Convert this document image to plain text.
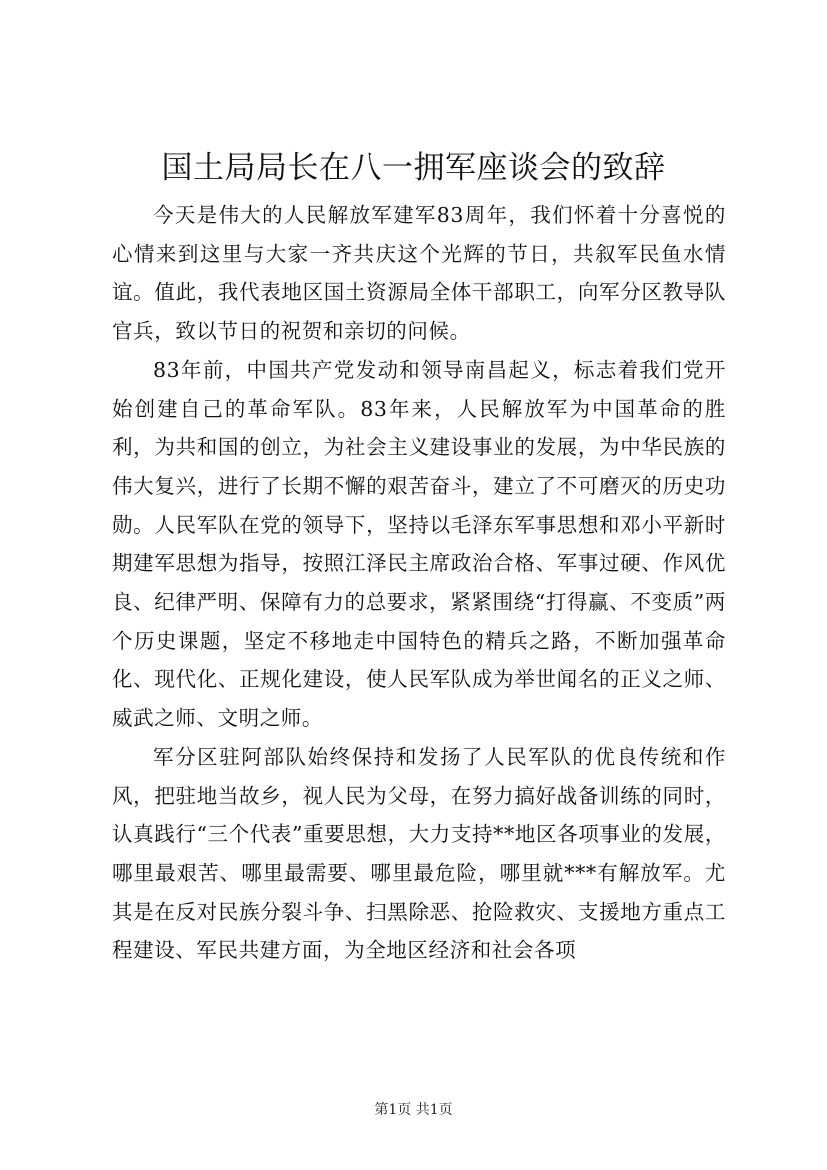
国土局局长在八一拥军座谈会的致辞

今天是伟大的人民解放军建军83周年，我们怀着十分喜悦的心情来到这里与大家一齐共庆这个光辉的节日，共叙军民鱼水情谊。值此，我代表地区国土资源局全体干部职工，向军分区教导队官兵，致以节日的祝贺和亲切的问候。

83年前，中国共产党发动和领导南昌起义，标志着我们党开始创建自己的革命军队。83年来，人民解放军为中国革命的胜利，为共和国的创立，为社会主义建设事业的发展，为中华民族的伟大复兴，进行了长期不懈的艰苦奋斗，建立了不可磨灭的历史功勋。人民军队在党的领导下，坚持以毛泽东军事思想和邓小平新时期建军思想为指导，按照江泽民主席政治合格、军事过硬、作风优良、纪律严明、保障有力的总要求，紧紧围绕“打得赢、不变质”两个历史课题，坚定不移地走中国特色的精兵之路，不断加强革命化、现代化、正规化建设，使人民军队成为举世闻名的正义之师、威武之师、文明之师。

军分区驻阿部队始终保持和发扬了人民军队的优良传统和作风，把驻地当故乡，视人民为父母，在努力搞好战备训练的同时，认真践行“三个代表”重要思想，大力支持**地区各项事业的发展，哪里最艰苦、哪里最需要、哪里最危险，哪里就***有解放军。尤其是在反对民族分裂斗争、扫黑除恶、抢险救灾、支援地方重点工程建设、军民共建方面，为全地区经济和社会各项

第1页 共1页
